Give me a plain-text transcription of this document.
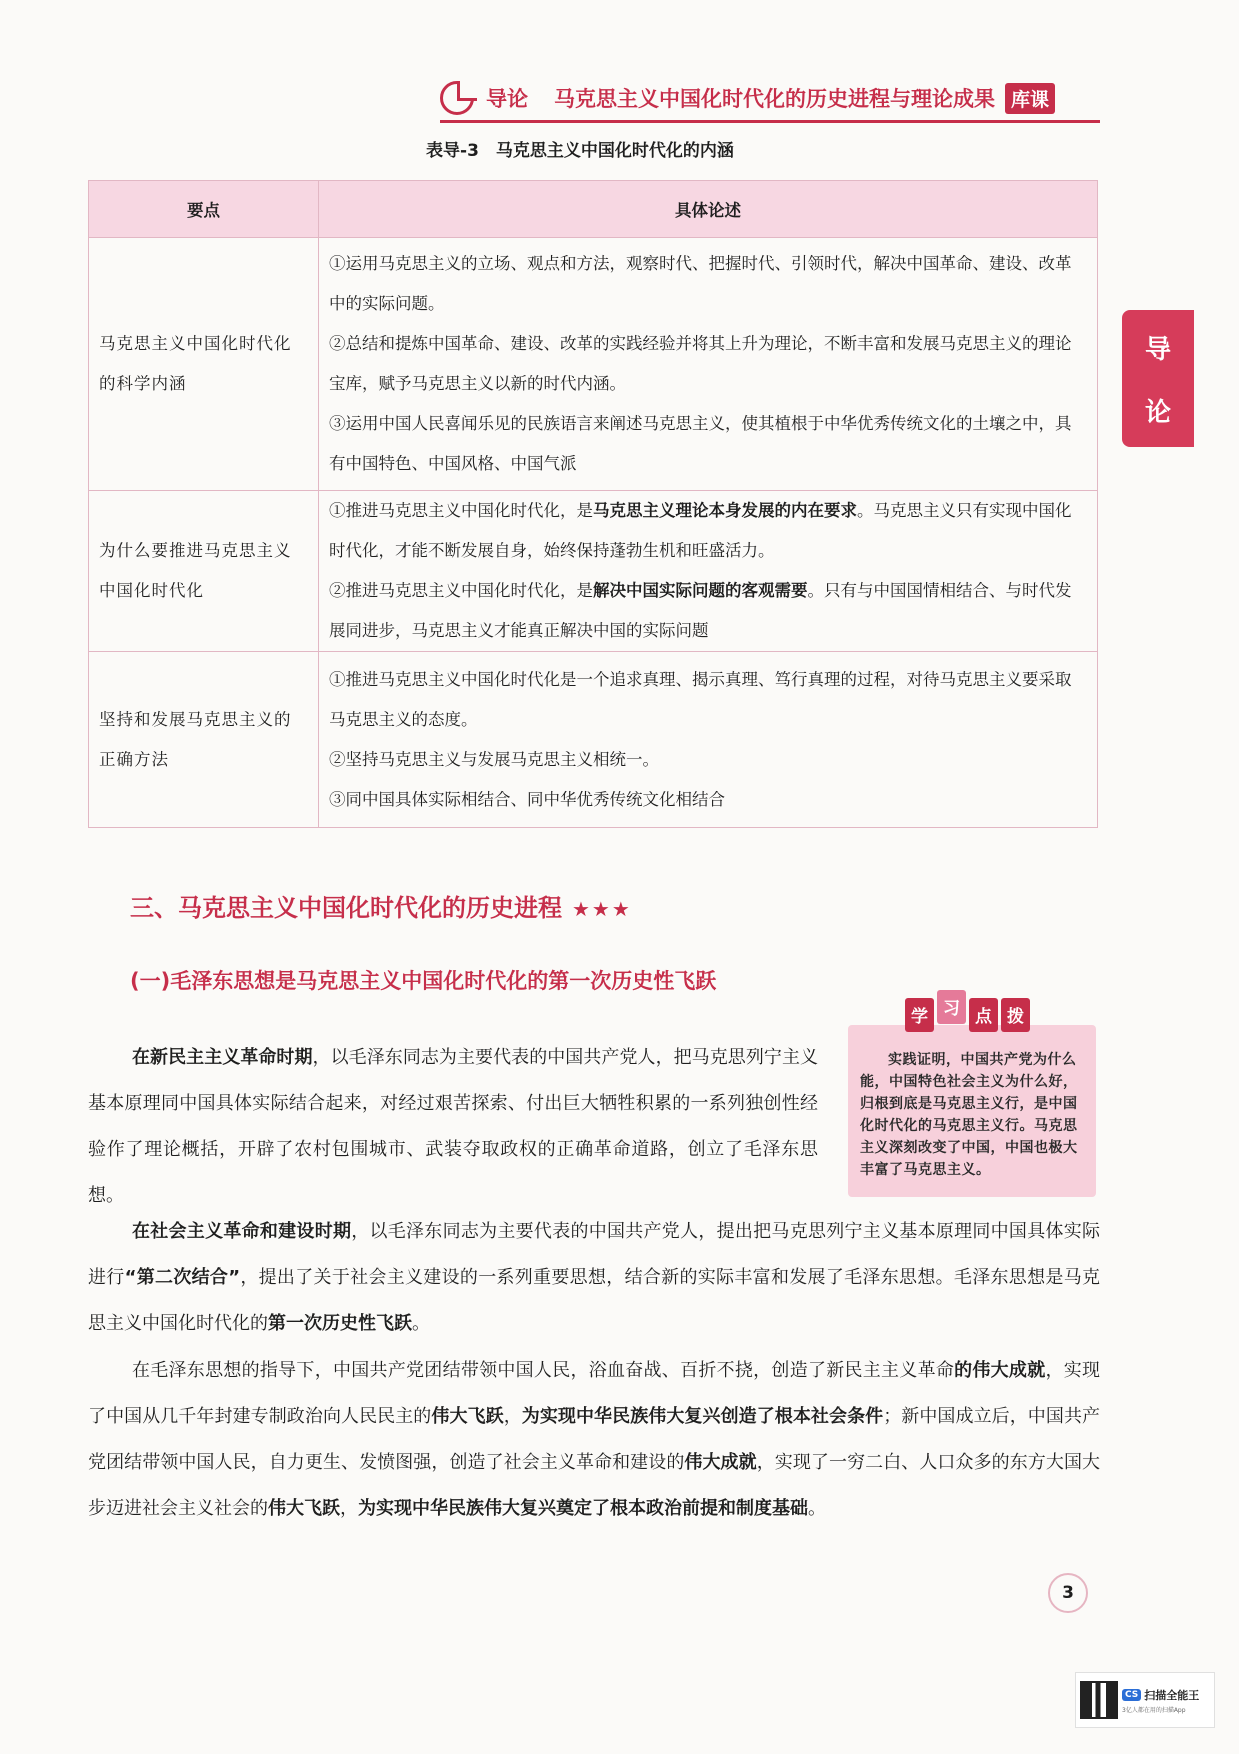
导论 马克思主义中国化时代化的历史进程与理论成果 库课
导
论
表导-3　马克思主义中国化时代化的内涵
要点	具体论述
马克思主义中国化时代化的科学内涵	①运用马克思主义的立场、观点和方法，观察时代、把握时代、引领时代，解决中国革命、建设、改革中的实际问题。

②总结和提炼中国革命、建设、改革的实践经验并将其上升为理论，不断丰富和发展马克思主义的理论宝库，赋予马克思主义以新的时代内涵。

③运用中国人民喜闻乐见的民族语言来阐述马克思主义，使其植根于中华优秀传统文化的土壤之中，具有中国特色、中国风格、中国气派

为什么要推进马克思主义中国化时代化	①推进马克思主义中国化时代化，是马克思主义理论本身发展的内在要求。马克思主义只有实现中国化时代化，才能不断发展自身，始终保持蓬勃生机和旺盛活力。

②推进马克思主义中国化时代化，是解决中国实际问题的客观需要。只有与中国国情相结合、与时代发展同进步，马克思主义才能真正解决中国的实际问题

坚持和发展马克思主义的正确方法	①推进马克思主义中国化时代化是一个追求真理、揭示真理、笃行真理的过程，对待马克思主义要采取马克思主义的态度。

②坚持马克思主义与发展马克思主义相统一。

③同中国具体实际相结合、同中华优秀传统文化相结合

三、马克思主义中国化时代化的历史进程 ★★★
(一)毛泽东思想是马克思主义中国化时代化的第一次历史性飞跃
实践证明，中国共产党为什么能，中国特色社会主义为什么好，归根到底是马克思主义行，是中国化时代化的马克思主义行。马克思主义深刻改变了中国，中国也极大丰富了马克思主义。
学 习 点 拨
在新民主主义革命时期，以毛泽东同志为主要代表的中国共产党人，把马克思列宁主义基本原理同中国具体实际结合起来，对经过艰苦探索、付出巨大牺牲积累的一系列独创性经验作了理论概括，开辟了农村包围城市、武装夺取政权的正确革命道路，创立了毛泽东思想。
在社会主义革命和建设时期，以毛泽东同志为主要代表的中国共产党人，提出把马克思列宁主义基本原理同中国具体实际进行“第二次结合”，提出了关于社会主义建设的一系列重要思想，结合新的实际丰富和发展了毛泽东思想。毛泽东思想是马克思主义中国化时代化的第一次历史性飞跃。
在毛泽东思想的指导下，中国共产党团结带领中国人民，浴血奋战、百折不挠，创造了新民主主义革命的伟大成就，实现了中国从几千年封建专制政治向人民民主的伟大飞跃，为实现中华民族伟大复兴创造了根本社会条件；新中国成立后，中国共产党团结带领中国人民，自力更生、发愤图强，创造了社会主义革命和建设的伟大成就，实现了一穷二白、人口众多的东方大国大步迈进社会主义社会的伟大飞跃，为实现中华民族伟大复兴奠定了根本政治前提和制度基础。
3
CS 扫描全能王
3亿人都在用的扫描App
